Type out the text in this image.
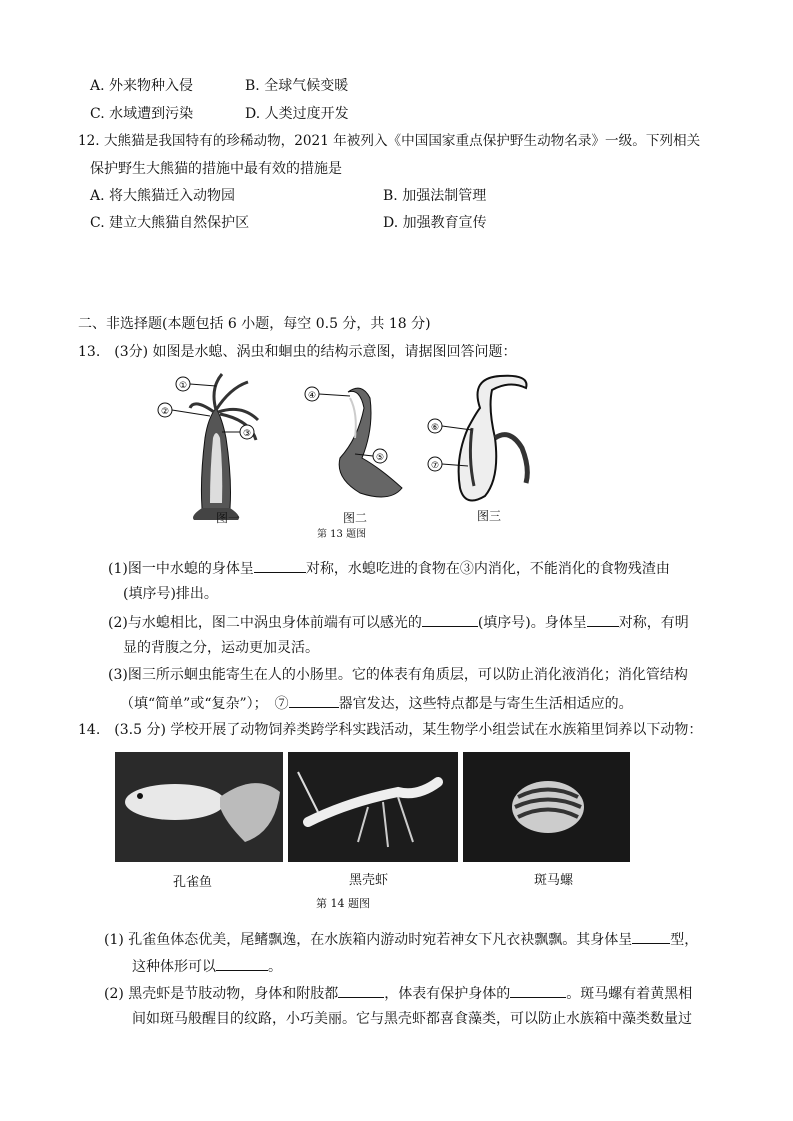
A. 外来物种入侵	B. 全球气候变暖
C. 水域遭到污染	D. 人类过度开发
12. 大熊猫是我国特有的珍稀动物，2021 年被列入《中国国家重点保护野生动物名录》一级。下列相关
保护野生大熊猫的措施中最有效的措施是
A. 将大熊猫迁入动物园	B. 加强法制管理
C. 建立大熊猫自然保护区	D. 加强教育宣传
二、非选择题(本题包括 6 小题，每空 0.5 分，共 18 分)
13.　(3分) 如图是水螅、涡虫和蛔虫的结构示意图，请据图回答问题：
①
②
③
④
⑤
⑥
⑦
图一	图二	图三
第 13 题图
(1)图一中水螅的身体呈	对称，水螅吃进的食物在③内消化，不能消化的食物残渣由
(填序号)排出。
(2)与水螅相比，图二中涡虫身体前端有可以感光的	(填序号)。身体呈 对称，有明
显的背腹之分，运动更加灵活。
(3)图三所示蛔虫能寄生在人的小肠里。它的体表有角质层，可以防止消化液消化；消化管结构
（填“简单”或“复杂”）；　⑦	器官发达，这些特点都是与寄生生活相适应的。
14.　(3.5 分) 学校开展了动物饲养类跨学科实践活动，某生物学小组尝试在水族箱里饲养以下动物：
孔雀鱼	黑壳虾	斑马螺
第 14 题图
(1) 孔雀鱼体态优美，尾鳍飘逸，在水族箱内游动时宛若神女下凡衣袂飘飘。其身体呈	型，
这种体形可以	。
(2) 黑壳虾是节肢动物，身体和附肢都	，体表有保护身体的	。斑马螺有着黄黑相
间如斑马般醒目的纹路，小巧美丽。它与黑壳虾都喜食藻类，可以防止水族箱中藻类数量过
